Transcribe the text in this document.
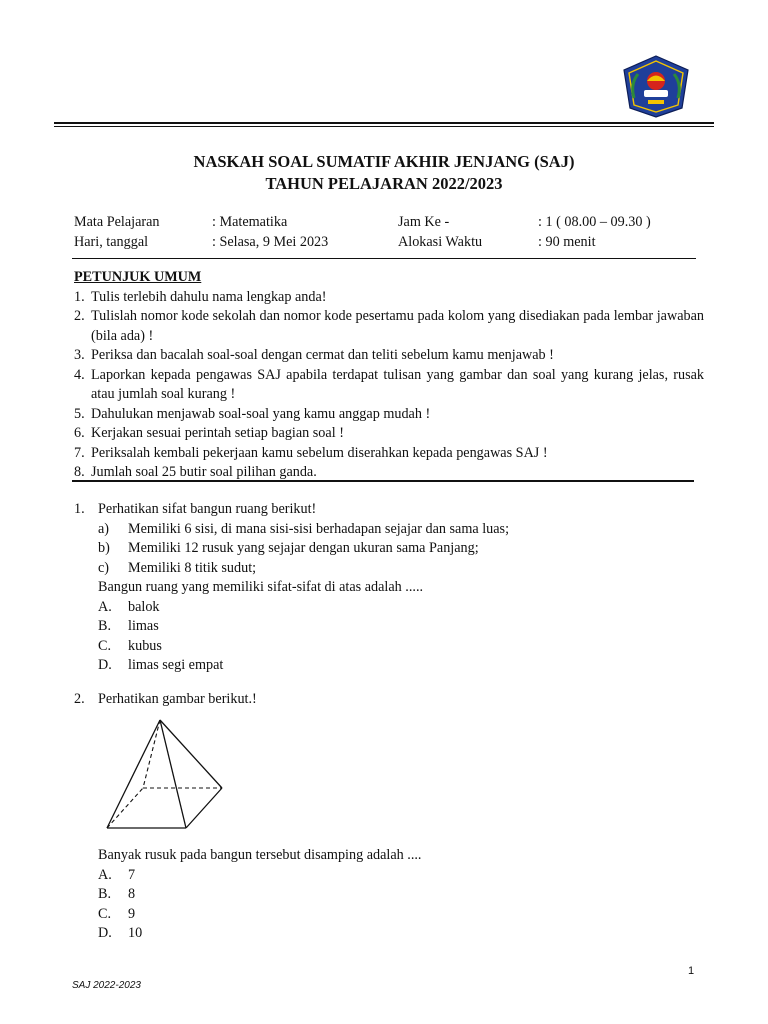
NASKAH SOAL SUMATIF AKHIR JENJANG (SAJ)
TAHUN PELAJARAN 2022/2023
Mata Pelajaran	: Matematika	Jam Ke -	: 1 ( 08.00 – 09.30 )
Hari, tanggal	: Selasa, 9 Mei 2023	Alokasi Waktu	: 90 menit
PETUNJUK UMUM
1. Tulis terlebih dahulu nama lengkap anda!
2. Tulislah nomor kode sekolah dan nomor kode pesertamu pada kolom yang disediakan pada lembar jawaban (bila ada) !
3. Periksa dan bacalah soal-soal dengan cermat dan teliti sebelum kamu menjawab !
4. Laporkan kepada pengawas SAJ apabila terdapat tulisan yang gambar dan soal yang kurang jelas, rusak atau jumlah soal kurang !
5. Dahulukan menjawab soal-soal yang kamu anggap mudah !
6. Kerjakan sesuai perintah setiap bagian soal !
7. Periksalah kembali pekerjaan kamu sebelum diserahkan kepada pengawas SAJ !
8. Jumlah soal 25 butir soal pilihan ganda.
1. Perhatikan sifat bangun ruang berikut!
a) Memiliki 6 sisi, di mana sisi-sisi berhadapan sejajar dan sama luas;
b) Memiliki 12 rusuk yang sejajar dengan ukuran sama Panjang;
c) Memiliki 8 titik sudut;
Bangun ruang yang memiliki sifat-sifat di atas adalah .....
A. balok
B. limas
C. kubus
D. limas segi empat
2. Perhatikan gambar berikut.!
Banyak rusuk pada bangun tersebut disamping adalah ....
A. 7
B. 8
C. 9
D. 10
1
SAJ 2022-2023
